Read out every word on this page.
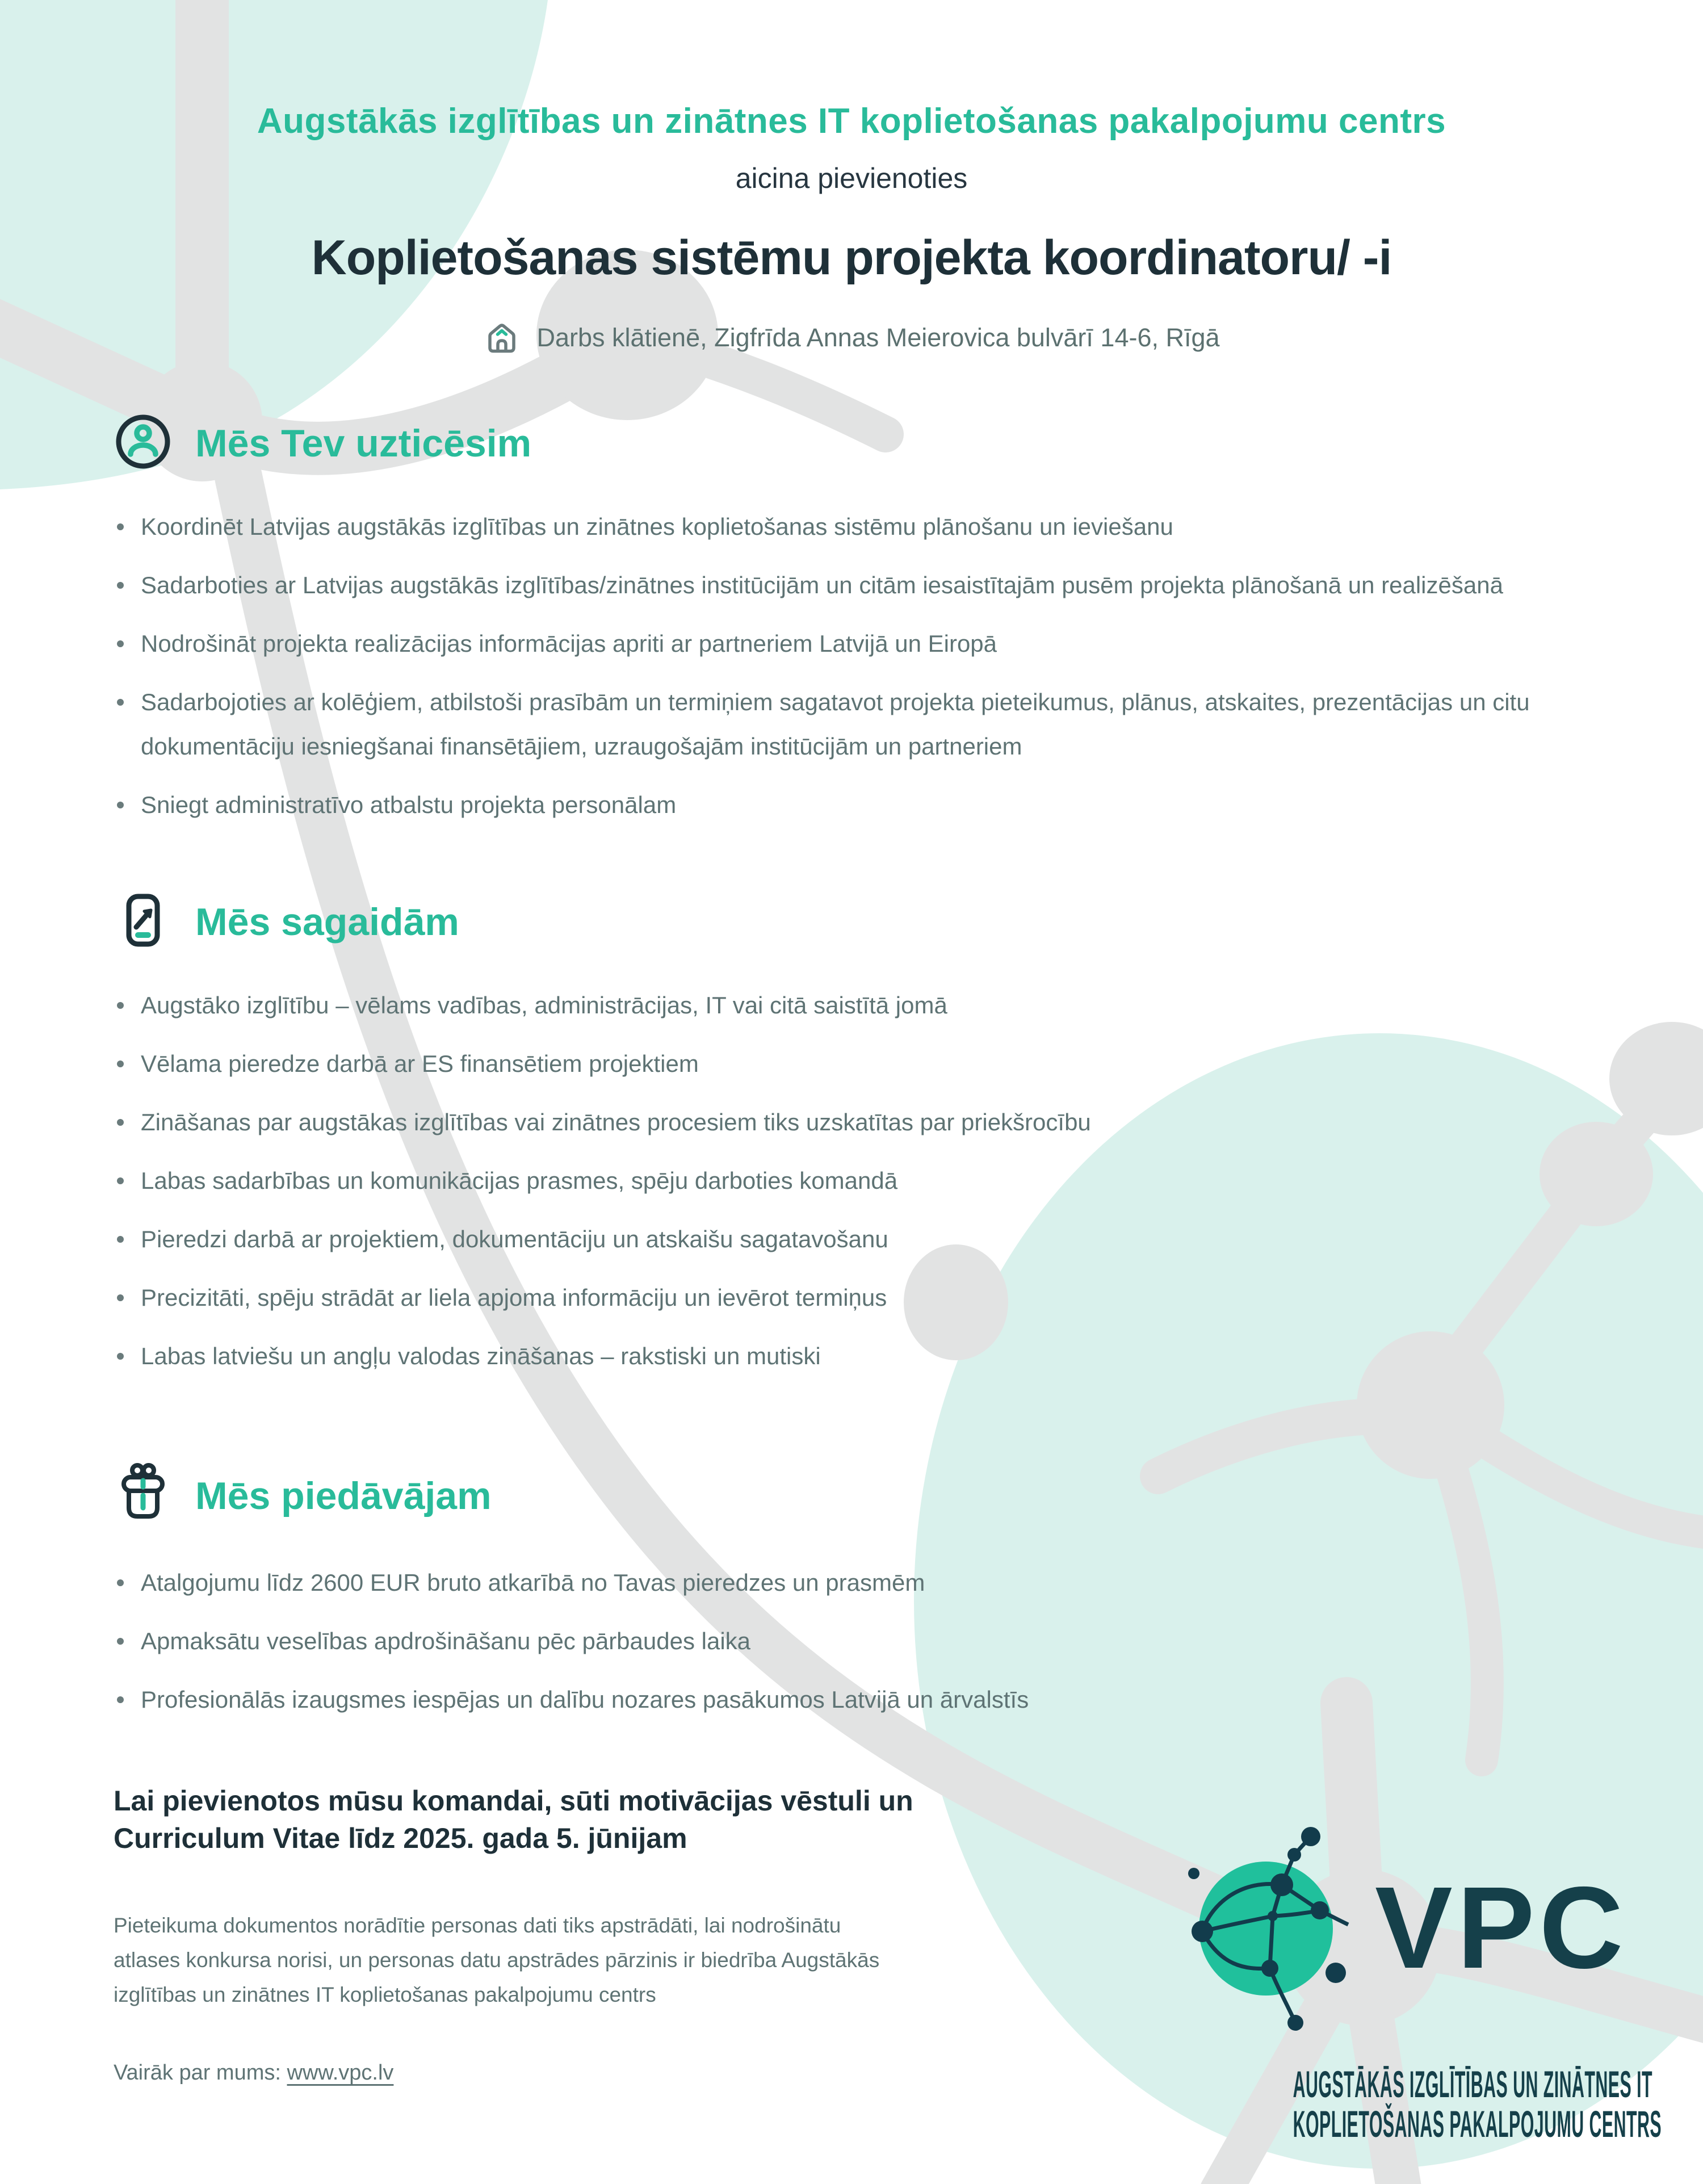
Augstākās izglītības un zinātnes IT koplietošanas pakalpojumu centrs
aicina pievienoties
Koplietošanas sistēmu projekta koordinatoru/ -i
Darbs klātienē, Zigfrīda Annas Meierovica bulvārī 14-6, Rīgā
Mēs Tev uzticēsim
Koordinēt Latvijas augstākās izglītības un zinātnes koplietošanas sistēmu plānošanu un ieviešanu
Sadarboties ar Latvijas augstākās izglītības/zinātnes institūcijām un citām iesaistītajām pusēm projekta plānošanā un realizēšanā
Nodrošināt projekta realizācijas informācijas apriti ar partneriem Latvijā un Eiropā
Sadarbojoties ar kolēģiem, atbilstoši prasībām un termiņiem sagatavot projekta pieteikumus, plānus, atskaites, prezentācijas un citu dokumentāciju iesniegšanai finansētājiem, uzraugošajām institūcijām un partneriem
Sniegt administratīvo atbalstu projekta personālam
Mēs sagaidām
Augstāko izglītību – vēlams vadības, administrācijas, IT vai citā saistītā jomā
Vēlama pieredze darbā ar ES finansētiem projektiem
Zināšanas par augstākas izglītības vai zinātnes procesiem tiks uzskatītas par priekšrocību
Labas sadarbības un komunikācijas prasmes, spēju darboties komandā
Pieredzi darbā ar projektiem, dokumentāciju un atskaišu sagatavošanu
Precizitāti, spēju strādāt ar liela apjoma informāciju un ievērot termiņus
Labas latviešu un angļu valodas zināšanas – rakstiski un mutiski
Mēs piedāvājam
Atalgojumu līdz 2600 EUR bruto atkarībā no Tavas pieredzes un prasmēm
Apmaksātu veselības apdrošināšanu pēc pārbaudes laika
Profesionālās izaugsmes iespējas un dalību nozares pasākumos Latvijā un ārvalstīs
Lai pievienotos mūsu komandai, sūti motivācijas vēstuli un
Curriculum Vitae līdz 2025. gada 5. jūnijam
Pieteikuma dokumentos norādītie personas dati tiks apstrādāti, lai nodrošinātu
atlases konkursa norisi, un personas datu apstrādes pārzinis ir biedrība Augstākās
izglītības un zinātnes IT koplietošanas pakalpojumu centrs
Vairāk par mums: www.vpc.lv
VPC
AUGSTĀKĀS IZGLĪTĪBAS UN ZINĀTNES IT
KOPLIETOŠANAS PAKALPOJUMU CENTRS
